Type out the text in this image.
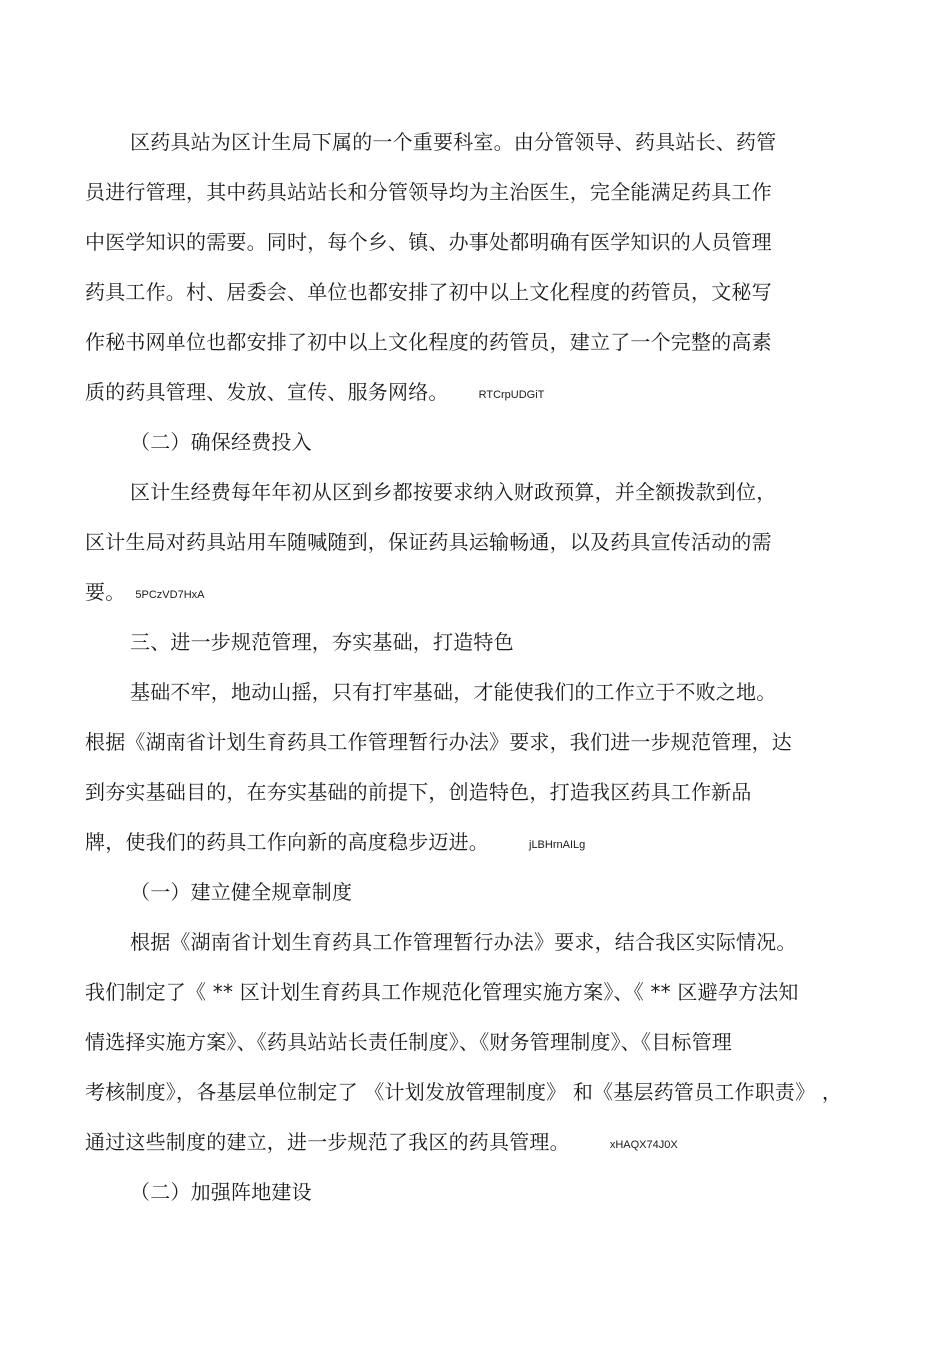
区药具站为区计生局下属的一个重要科室。由分管领导、药具站长、药管
员进行管理，其中药具站站长和分管领导均为主治医生，完全能满足药具工作
中医学知识的需要。同时，每个乡、镇、办事处都明确有医学知识的人员管理
药具工作。村、居委会、单位也都安排了初中以上文化程度的药管员，文秘写
作秘书网单位也都安排了初中以上文化程度的药管员，建立了一个完整的高素
质的药具管理、发放、宣传、服务网络。	RTCrpUDGiT
（二）确保经费投入
区计生经费每年年初从区到乡都按要求纳入财政预算，并全额拨款到位，
区计生局对药具站用车随喊随到，保证药具运输畅通，以及药具宣传活动的需
要。 5PCzVD7HxA
三、进一步规范管理，夯实基础，打造特色
基础不牢，地动山摇，只有打牢基础，才能使我们的工作立于不败之地。
根据《湖南省计划生育药具工作管理暂行办法》要求，我们进一步规范管理，达
到夯实基础目的，在夯实基础的前提下，创造特色，打造我区药具工作新品
牌，使我们的药具工作向新的高度稳步迈进。	jLBHrnAILg
（一）建立健全规章制度
根据《湖南省计划生育药具工作管理暂行办法》要求，结合我区实际情况。
我们制定了《 ** 区计划生育药具工作规范化管理实施方案》、《 ** 区避孕方法知
情选择实施方案》、《药具站站长责任制度》、《财务管理制度》、《目标管理
考核制度》，各基层单位制定了 《计划发放管理制度》 和《基层药管员工作职责》 ，
通过这些制度的建立，进一步规范了我区的药具管理。	xHAQX74J0X
（二）加强阵地建设
